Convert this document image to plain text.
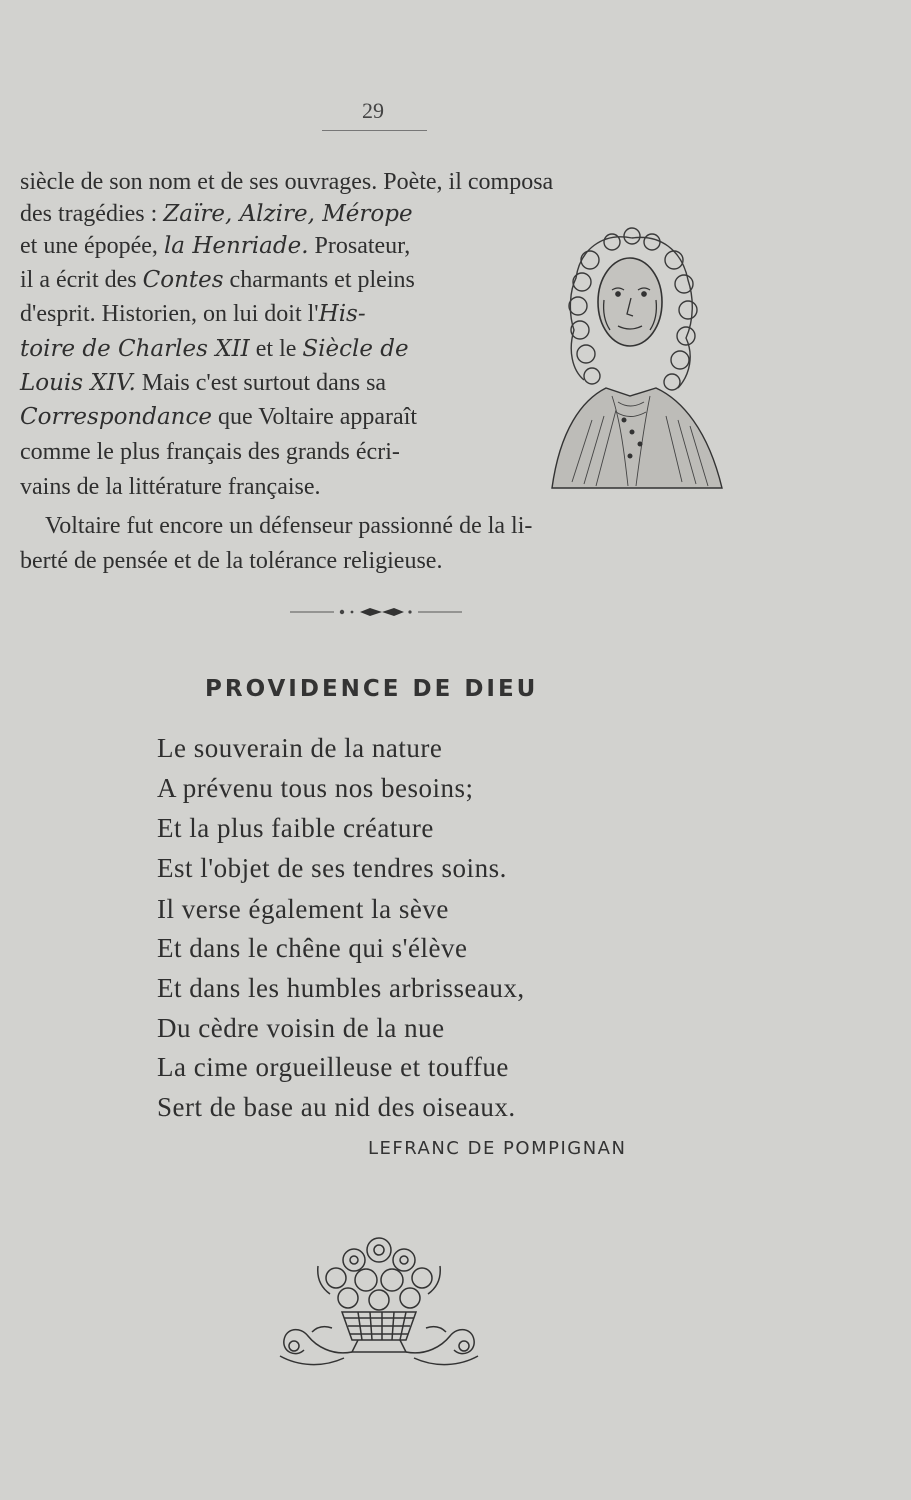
29
siècle de son nom et de ses ouvrages. Poète, il composa
des tragédies : Zaïre, Alzire, Mérope
et une épopée, la Henriade. Prosateur,
il a écrit des Contes charmants et pleins
d'esprit. Historien, on lui doit l'His-
toire de Charles XII et le Siècle de
Louis XIV. Mais c'est surtout dans sa
Correspondance que Voltaire apparaît
comme le plus français des grands écri-
vains de la littérature française.
Voltaire fut encore un défenseur passionné de la li-
berté de pensée et de la tolérance religieuse.
PROVIDENCE DE DIEU
Le souverain de la nature
A prévenu tous nos besoins;
Et la plus faible créature
Est l'objet de ses tendres soins.
Il verse également la sève
Et dans le chêne qui s'élève
Et dans les humbles arbrisseaux,
Du cèdre voisin de la nue
La cime orgueilleuse et touffue
Sert de base au nid des oiseaux.
LEFRANC DE POMPIGNAN
